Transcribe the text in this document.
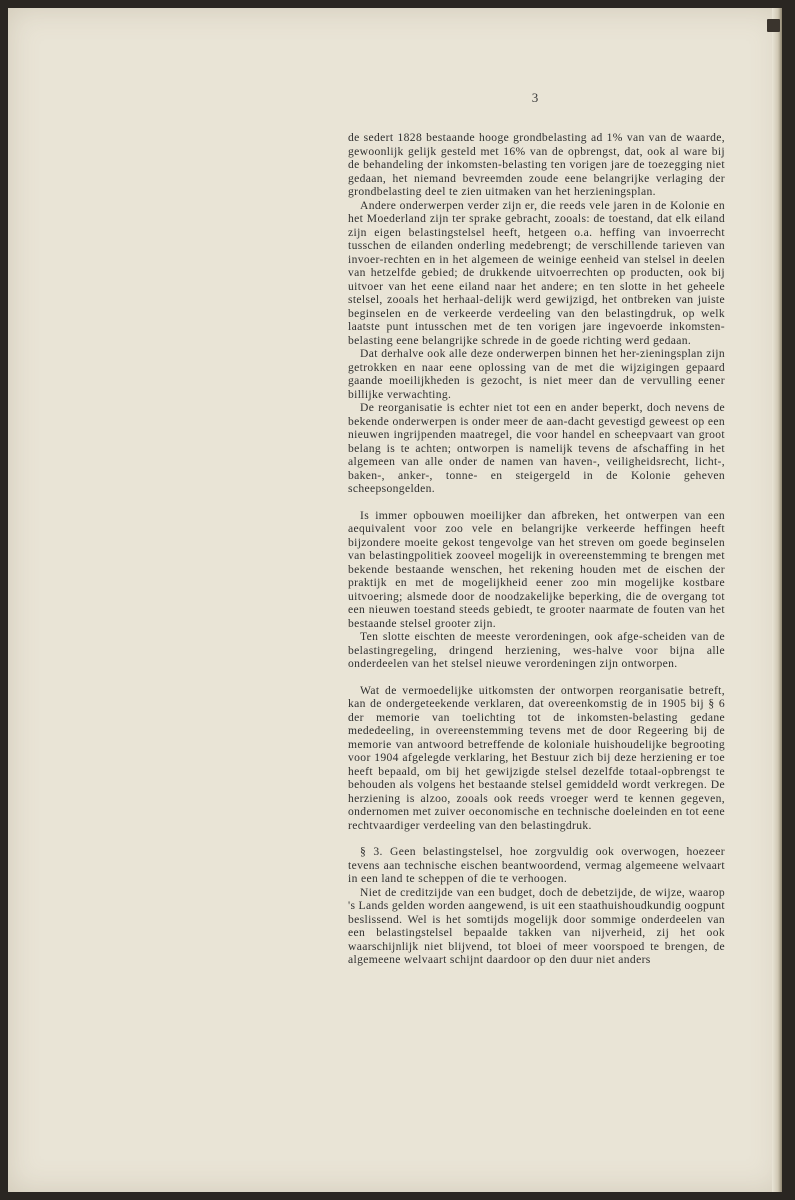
3

de sedert 1828 bestaande hooge grondbelasting ad 1% van van de waarde, gewoonlijk gelijk gesteld met 16% van de opbrengst, dat, ook al ware bij de behandeling der inkomsten-belasting ten vorigen jare de toezegging niet gedaan, het niemand bevreemden zoude eene belangrijke verlaging der grondbelasting deel te zien uitmaken van het herzieningsplan.

Andere onderwerpen verder zijn er, die reeds vele jaren in de Kolonie en het Moederland zijn ter sprake gebracht, zooals: de toestand, dat elk eiland zijn eigen belastingstelsel heeft, hetgeen o.a. heffing van invoerrecht tusschen de eilanden onderling medebrengt; de verschillende tarieven van invoer-rechten en in het algemeen de weinige eenheid van stelsel in deelen van hetzelfde gebied; de drukkende uitvoerrechten op producten, ook bij uitvoer van het eene eiland naar het andere; en ten slotte in het geheele stelsel, zooals het herhaal-delijk werd gewijzigd, het ontbreken van juiste beginselen en de verkeerde verdeeling van den belastingdruk, op welk laatste punt intusschen met de ten vorigen jare ingevoerde inkomsten-belasting eene belangrijke schrede in de goede richting werd gedaan.

Dat derhalve ook alle deze onderwerpen binnen het her-zieningsplan zijn getrokken en naar eene oplossing van de met die wijzigingen gepaard gaande moeilijkheden is gezocht, is niet meer dan de vervulling eener billijke verwachting.

De reorganisatie is echter niet tot een en ander beperkt, doch nevens de bekende onderwerpen is onder meer de aan-dacht gevestigd geweest op een nieuwen ingrijpenden maatregel, die voor handel en scheepvaart van groot belang is te achten; ontworpen is namelijk tevens de afschaffing in het algemeen van alle onder de namen van haven-, veiligheidsrecht, licht-, baken-, anker-, tonne- en steigergeld in de Kolonie geheven scheepsongelden.

Is immer opbouwen moeilijker dan afbreken, het ontwerpen van een aequivalent voor zoo vele en belangrijke verkeerde heffingen heeft bijzondere moeite gekost tengevolge van het streven om goede beginselen van belastingpolitiek zooveel mogelijk in overeenstemming te brengen met bekende bestaande wenschen, het rekening houden met de eischen der praktijk en met de mogelijkheid eener zoo min mogelijke kostbare uitvoering; alsmede door de noodzakelijke beperking, die de overgang tot een nieuwen toestand steeds gebiedt, te grooter naarmate de fouten van het bestaande stelsel grooter zijn.

Ten slotte eischten de meeste verordeningen, ook afge-scheiden van de belastingregeling, dringend herziening, wes-halve voor bijna alle onderdeelen van het stelsel nieuwe verordeningen zijn ontworpen.

Wat de vermoedelijke uitkomsten der ontworpen reorganisatie betreft, kan de ondergeteekende verklaren, dat overeenkomstig de in 1905 bij § 6 der memorie van toelichting tot de inkomsten-belasting gedane mededeeling, in overeenstemming tevens met de door Regeering bij de memorie van antwoord betreffende de koloniale huishoudelijke begrooting voor 1904 afgelegde verklaring, het Bestuur zich bij deze herziening er toe heeft bepaald, om bij het gewijzigde stelsel dezelfde totaal-opbrengst te behouden als volgens het bestaande stelsel gemiddeld wordt verkregen. De herziening is alzoo, zooals ook reeds vroeger werd te kennen gegeven, ondernomen met zuiver oeconomische en technische doeleinden en tot eene rechtvaardiger verdeeling van den belastingdruk.

§ 3. Geen belastingstelsel, hoe zorgvuldig ook overwogen, hoezeer tevens aan technische eischen beantwoordend, vermag algemeene welvaart in een land te scheppen of die te verhoogen.

Niet de creditzijde van een budget, doch de debetzijde, de wijze, waarop 's Lands gelden worden aangewend, is uit een staathuishoudkundig oogpunt beslissend. Wel is het somtijds mogelijk door sommige onderdeelen van een belastingstelsel bepaalde takken van nijverheid, zij het ook waarschijnlijk niet blijvend, tot bloei of meer voorspoed te brengen, de algemeene welvaart schijnt daardoor op den duur niet anders
